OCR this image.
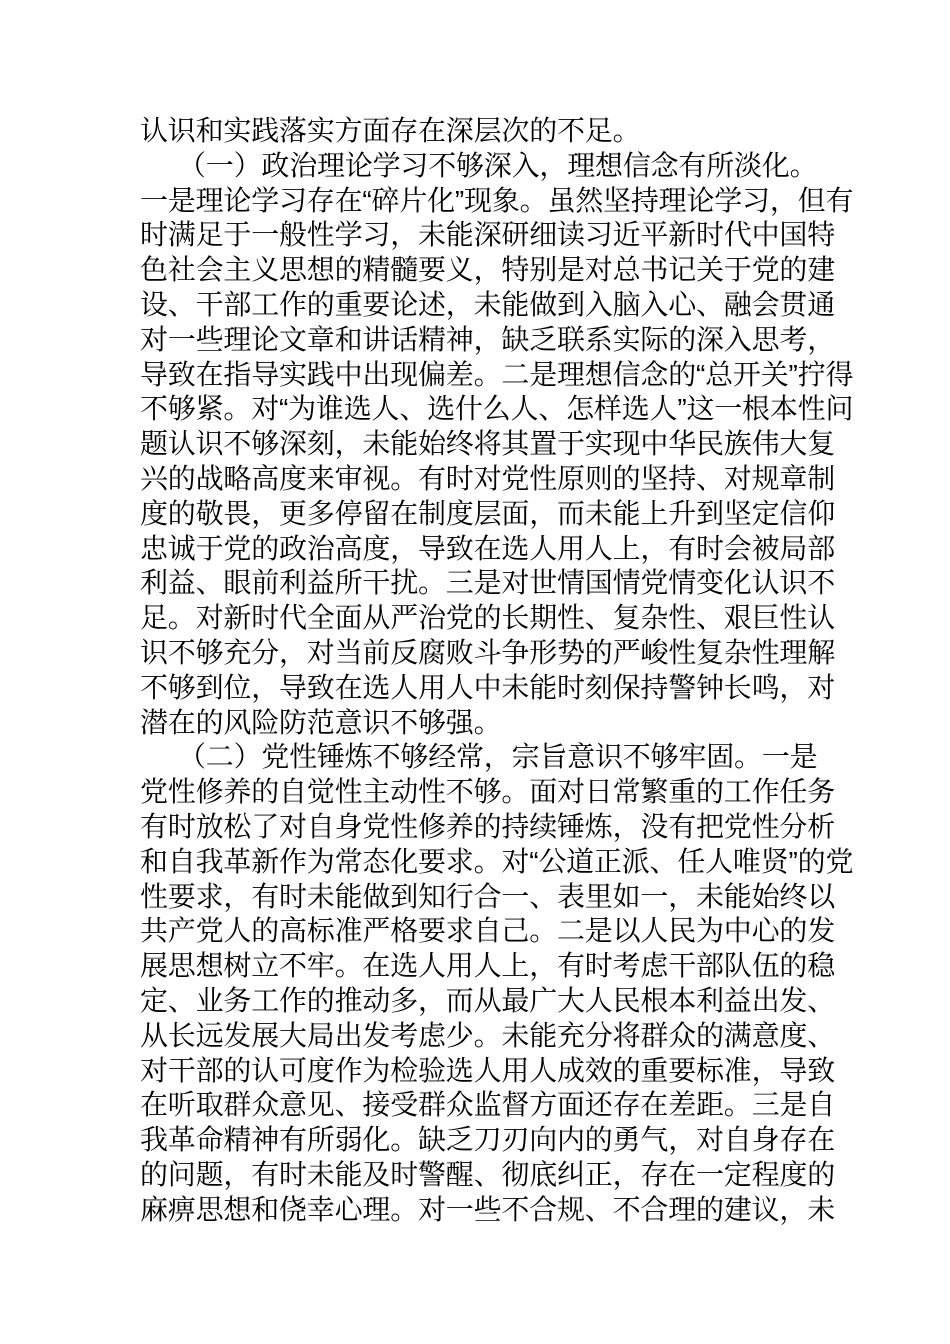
认识和实践落实方面存在深层次的不足。
（一）政治理论学习不够深入，理想信念有所淡化。
一是理论学习存在“碎片化”现象。虽然坚持理论学习，但有
时满足于一般性学习，未能深研细读习近平新时代中国特
色社会主义思想的精髓要义，特别是对总书记关于党的建
设、干部工作的重要论述，未能做到入脑入心、融会贯通
对一些理论文章和讲话精神，缺乏联系实际的深入思考，
导致在指导实践中出现偏差。二是理想信念的“总开关”拧得
不够紧。对“为谁选人、选什么人、怎样选人”这一根本性问
题认识不够深刻，未能始终将其置于实现中华民族伟大复
兴的战略高度来审视。有时对党性原则的坚持、对规章制
度的敬畏，更多停留在制度层面，而未能上升到坚定信仰
忠诚于党的政治高度，导致在选人用人上，有时会被局部
利益、眼前利益所干扰。三是对世情国情党情变化认识不
足。对新时代全面从严治党的长期性、复杂性、艰巨性认
识不够充分，对当前反腐败斗争形势的严峻性复杂性理解
不够到位，导致在选人用人中未能时刻保持警钟长鸣，对
潜在的风险防范意识不够强。
（二）党性锤炼不够经常，宗旨意识不够牢固。一是
党性修养的自觉性主动性不够。面对日常繁重的工作任务
有时放松了对自身党性修养的持续锤炼，没有把党性分析
和自我革新作为常态化要求。对“公道正派、任人唯贤”的党
性要求，有时未能做到知行合一、表里如一，未能始终以
共产党人的高标准严格要求自己。二是以人民为中心的发
展思想树立不牢。在选人用人上，有时考虑干部队伍的稳
定、业务工作的推动多，而从最广大人民根本利益出发、
从长远发展大局出发考虑少。未能充分将群众的满意度、
对干部的认可度作为检验选人用人成效的重要标准，导致
在听取群众意见、接受群众监督方面还存在差距。三是自
我革命精神有所弱化。缺乏刀刃向内的勇气，对自身存在
的问题，有时未能及时警醒、彻底纠正，存在一定程度的
麻痹思想和侥幸心理。对一些不合规、不合理的建议，未
